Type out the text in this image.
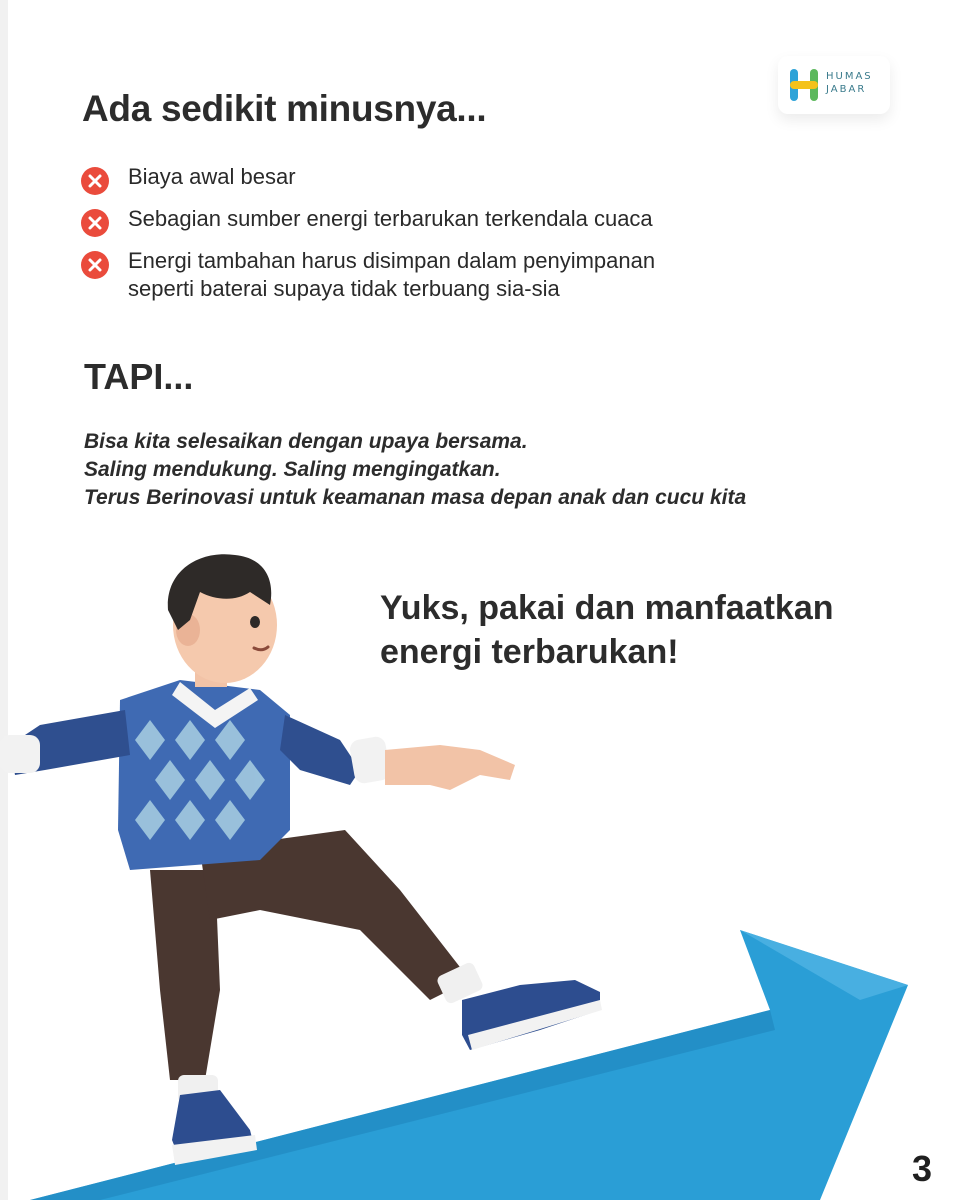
HUMAS
JABAR
Ada sedikit minusnya...
Biaya awal besar
Sebagian sumber energi terbarukan terkendala cuaca
Energi tambahan harus disimpan dalam penyimpanan
seperti baterai supaya tidak terbuang sia-sia
TAPI...
Bisa kita selesaikan dengan upaya bersama.
Saling mendukung. Saling mengingatkan.
Terus Berinovasi untuk keamanan masa depan anak dan cucu kita
Yuks, pakai dan manfaatkan
energi terbarukan!
3
